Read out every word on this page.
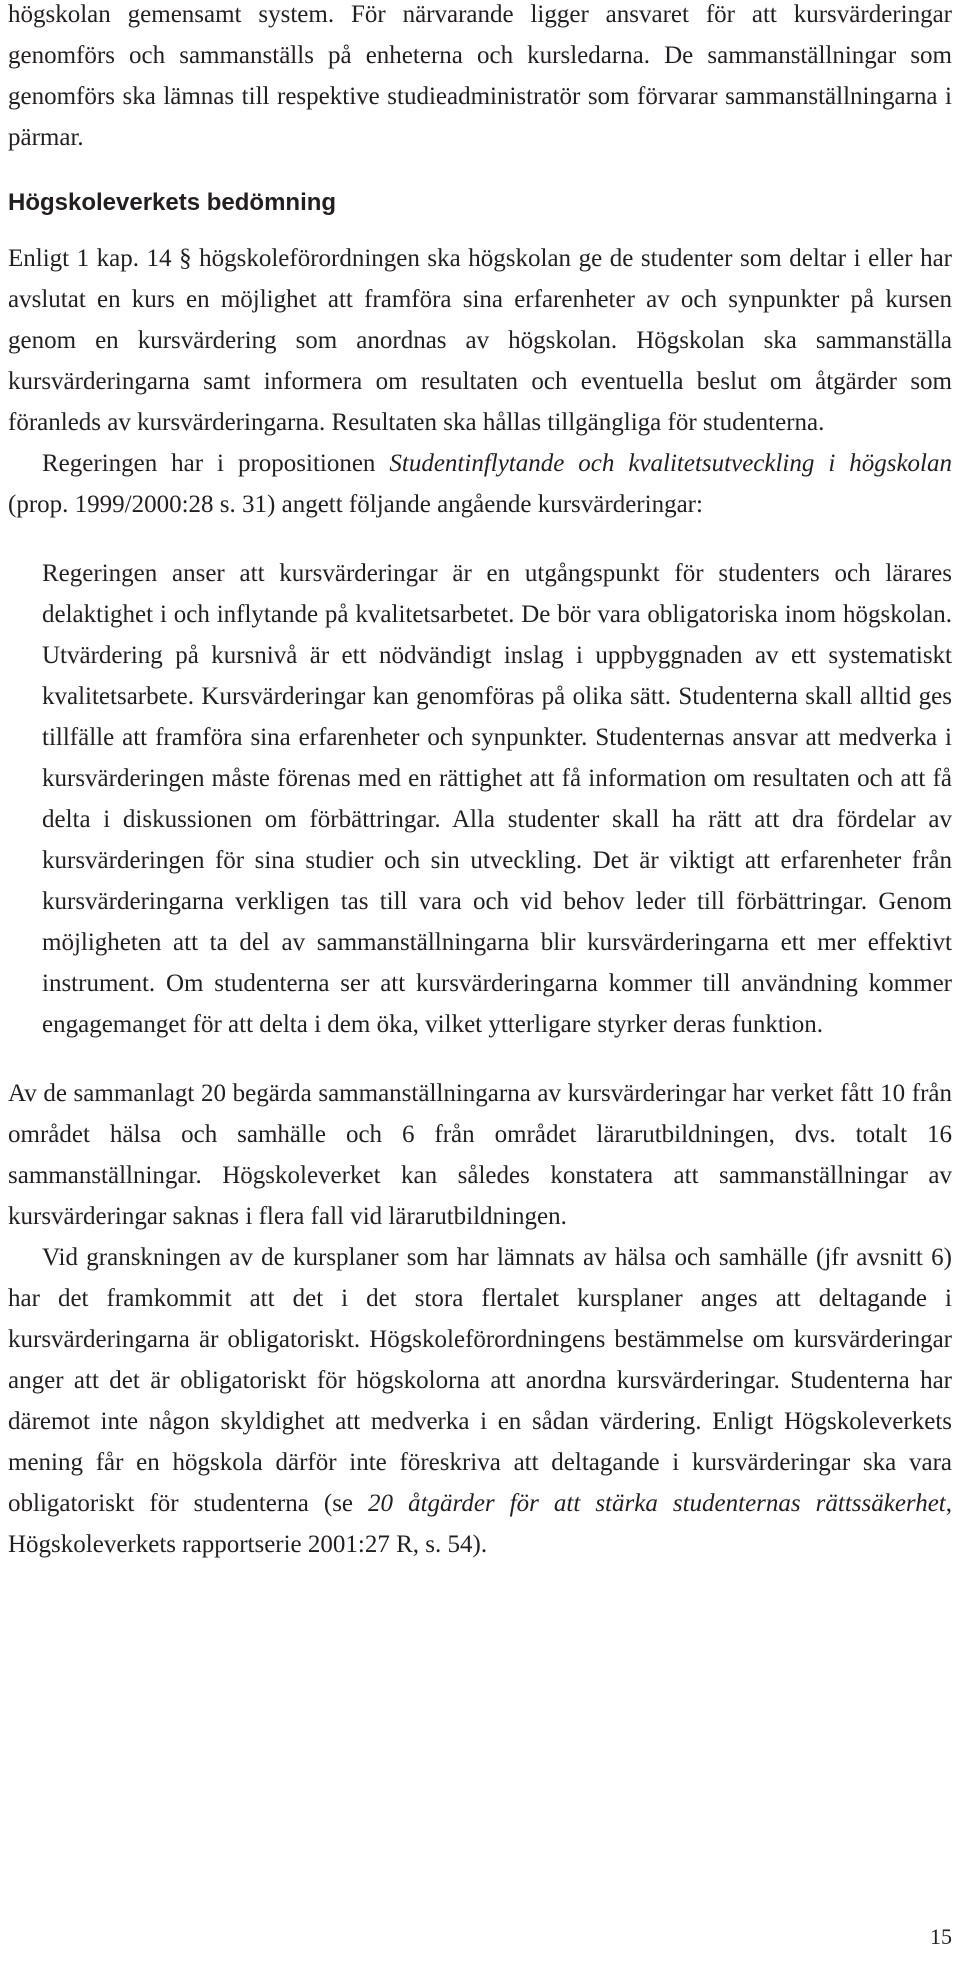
högskolan gemensamt system. För närvarande ligger ansvaret för att kursvärderingar genomförs och sammanställs på enheterna och kursledarna. De sammanställningar som genomförs ska lämnas till respektive studieadministratör som förvarar sammanställningarna i pärmar.

Högskoleverkets bedömning

Enligt 1 kap. 14 § högskoleförordningen ska högskolan ge de studenter som deltar i eller har avslutat en kurs en möjlighet att framföra sina erfarenheter av och synpunkter på kursen genom en kursvärdering som anordnas av högskolan. Högskolan ska sammanställa kursvärderingarna samt informera om resultaten och eventuella beslut om åtgärder som föranleds av kursvärderingarna. Resultaten ska hållas tillgängliga för studenterna.

Regeringen har i propositionen Studentinflytande och kvalitetsutveckling i högskolan (prop. 1999/2000:28 s. 31) angett följande angående kursvärderingar:

Regeringen anser att kursvärderingar är en utgångspunkt för studenters och lärares delaktighet i och inflytande på kvalitetsarbetet. De bör vara obligatoriska inom högskolan. Utvärdering på kursnivå är ett nödvändigt inslag i uppbyggnaden av ett systematiskt kvalitetsarbete. Kursvärderingar kan genomföras på olika sätt. Studenterna skall alltid ges tillfälle att framföra sina erfarenheter och synpunkter. Studenternas ansvar att medverka i kursvärderingen måste förenas med en rättighet att få information om resultaten och att få delta i diskussionen om förbättringar. Alla studenter skall ha rätt att dra fördelar av kursvärderingen för sina studier och sin utveckling. Det är viktigt att erfarenheter från kursvärderingarna verkligen tas till vara och vid behov leder till förbättringar. Genom möjligheten att ta del av sammanställningarna blir kursvärderingarna ett mer effektivt instrument. Om studenterna ser att kursvärderingarna kommer till användning kommer engagemanget för att delta i dem öka, vilket ytterligare styrker deras funktion.

Av de sammanlagt 20 begärda sammanställningarna av kursvärderingar har verket fått 10 från området hälsa och samhälle och 6 från området lärarutbildningen, dvs. totalt 16 sammanställningar. Högskoleverket kan således konstatera att sammanställningar av kursvärderingar saknas i flera fall vid lärarutbildningen.

Vid granskningen av de kursplaner som har lämnats av hälsa och samhälle (jfr avsnitt 6) har det framkommit att det i det stora flertalet kursplaner anges att deltagande i kursvärderingarna är obligatoriskt. Högskoleförordningens bestämmelse om kursvärderingar anger att det är obligatoriskt för högskolorna att anordna kursvärderingar. Studenterna har däremot inte någon skyldighet att medverka i en sådan värdering. Enligt Högskoleverkets mening får en högskola därför inte föreskriva att deltagande i kursvärderingar ska vara obligatoriskt för studenterna (se 20 åtgärder för att stärka studenternas rättssäkerhet, Högskoleverkets rapportserie 2001:27 R, s. 54).

15
